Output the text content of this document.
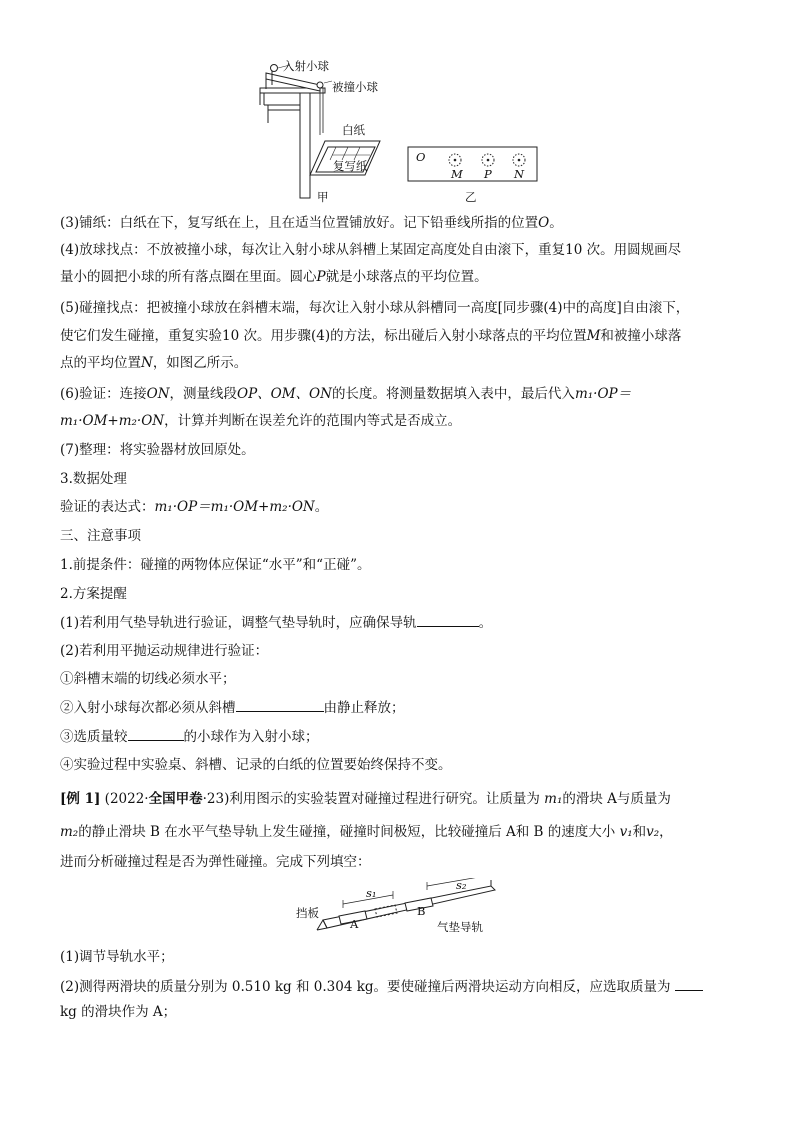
入射小球
被撞小球
白纸
复写纸
甲	乙
O
M P N
(3)铺纸：白纸在下，复写纸在上，且在适当位置铺放好。记下铅垂线所指的位置O。
(4)放球找点：不放被撞小球，每次让入射小球从斜槽上某固定高度处自由滚下，重复10 次。用圆规画尽
量小的圆把小球的所有落点圈在里面。圆心P就是小球落点的平均位置。
(5)碰撞找点：把被撞小球放在斜槽末端，每次让入射小球从斜槽同一高度[同步骤(4)中的高度]自由滚下，
使它们发生碰撞，重复实验10 次。用步骤(4)的方法，标出碰后入射小球落点的平均位置M和被撞小球落
点的平均位置N，如图乙所示。
(6)验证：连接ON，测量线段OP、OM、ON的长度。将测量数据填入表中，最后代入m₁·OP＝
m₁·OM+m₂·ON，计算并判断在误差允许的范围内等式是否成立。
(7)整理：将实验器材放回原处。
3.数据处理
验证的表达式：m₁·OP＝m₁·OM+m₂·ON。
三、注意事项
1.前提条件：碰撞的两物体应保证“水平”和“正碰”。
2.方案提醒
(1)若利用气垫导轨进行验证，调整气垫导轨时，应确保导轨	。
(2)若利用平抛运动规律进行验证：
①斜槽末端的切线必须水平；
②入射小球每次都必须从斜槽	由静止释放；
③选质量较	的小球作为入射小球；
④实验过程中实验桌、斜槽、记录的白纸的位置要始终保持不变。
[例 1] (2022·全国甲卷·23)利用图示的实验装置对碰撞过程进行研究。让质量为 m₁的滑块 A与质量为
m₂的静止滑块 B 在水平气垫导轨上发生碰撞，碰撞时间极短，比较碰撞后 A和 B 的速度大小 v₁和v₂，
进而分析碰撞过程是否为弹性碰撞。完成下列填空：
挡板
A
B
s₁
s₂
气垫导轨
(1)调节导轨水平；
(2)测得两滑块的质量分别为 0.510 kg 和 0.304 kg。要使碰撞后两滑块运动方向相反，应选取质量为
kg 的滑块作为 A；
